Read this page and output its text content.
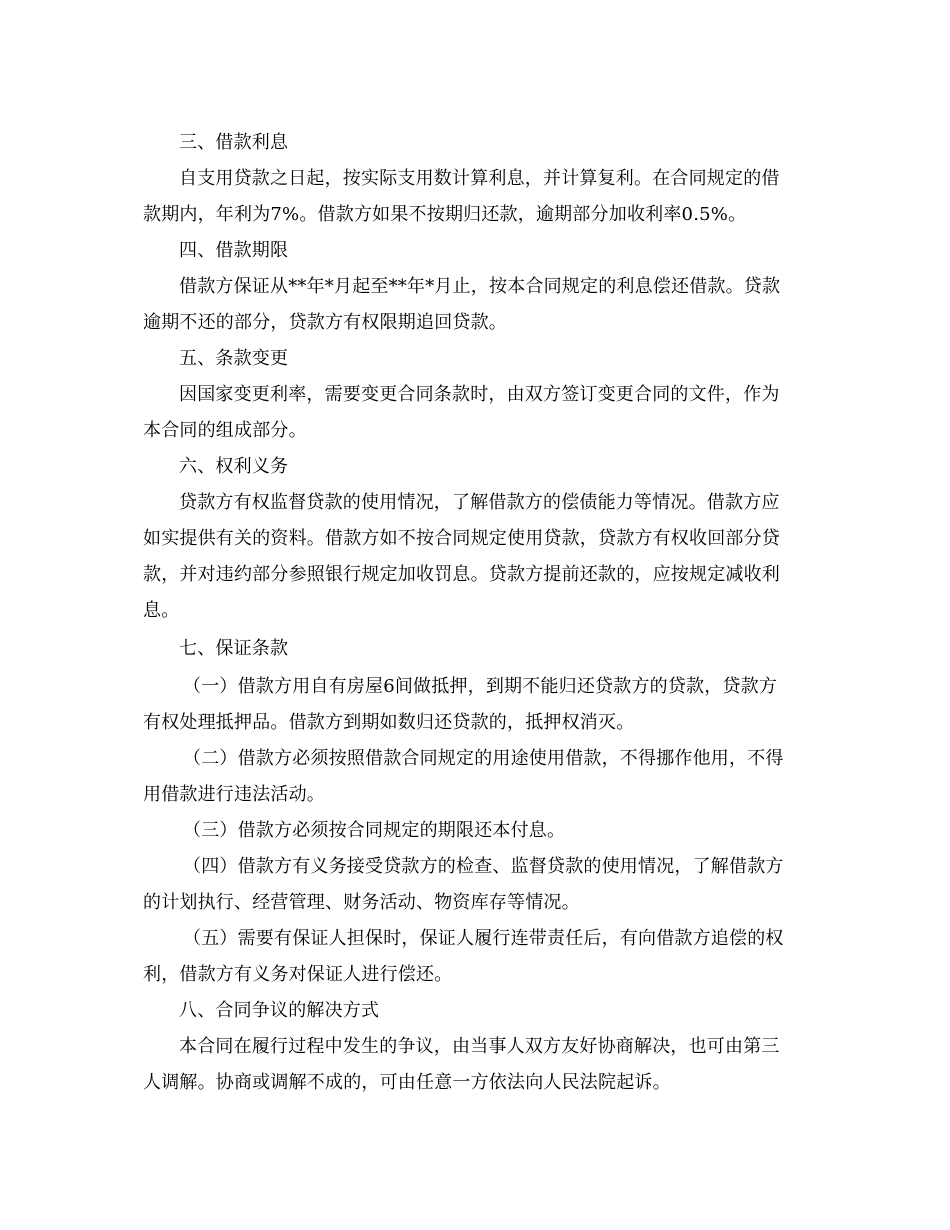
三、借款利息
自支用贷款之日起，按实际支用数计算利息，并计算复利。在合同规定的借
款期内，年利为7%。借款方如果不按期归还款，逾期部分加收利率0.5%。
四、借款期限
借款方保证从**年*月起至**年*月止，按本合同规定的利息偿还借款。贷款
逾期不还的部分，贷款方有权限期追回贷款。
五、条款变更
因国家变更利率，需要变更合同条款时，由双方签订变更合同的文件，作为
本合同的组成部分。
六、权利义务
贷款方有权监督贷款的使用情况，了解借款方的偿债能力等情况。借款方应
如实提供有关的资料。借款方如不按合同规定使用贷款，贷款方有权收回部分贷
款，并对违约部分参照银行规定加收罚息。贷款方提前还款的，应按规定减收利
息。
七、保证条款
（一）借款方用自有房屋6间做抵押，到期不能归还贷款方的贷款，贷款方
有权处理抵押品。借款方到期如数归还贷款的，抵押权消灭。
（二）借款方必须按照借款合同规定的用途使用借款，不得挪作他用，不得
用借款进行违法活动。
（三）借款方必须按合同规定的期限还本付息。
（四）借款方有义务接受贷款方的检查、监督贷款的使用情况，了解借款方
的计划执行、经营管理、财务活动、物资库存等情况。
（五）需要有保证人担保时，保证人履行连带责任后，有向借款方追偿的权
利，借款方有义务对保证人进行偿还。
八、合同争议的解决方式
本合同在履行过程中发生的争议，由当事人双方友好协商解决，也可由第三
人调解。协商或调解不成的，可由任意一方依法向人民法院起诉。
